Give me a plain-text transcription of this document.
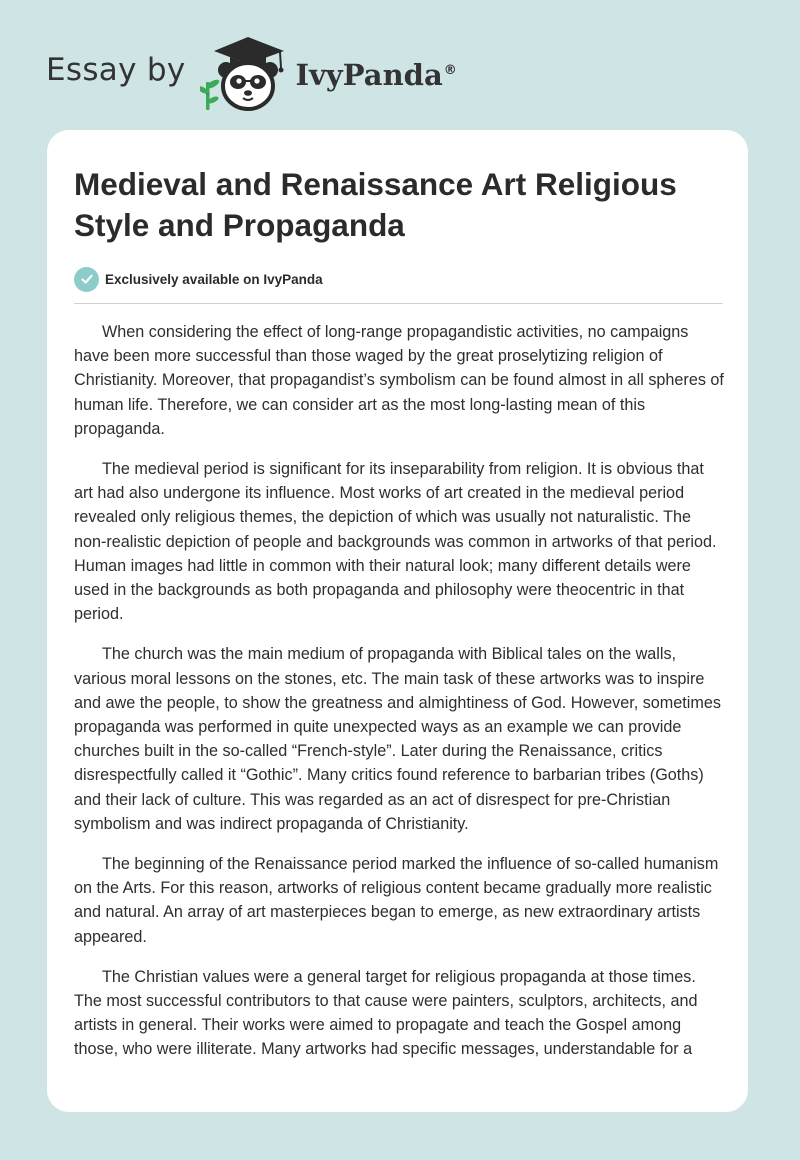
Essay by	IvyPanda®
Medieval and Renaissance Art Religious Style and Propaganda
Exclusively available on IvyPanda

When considering the effect of long-range propagandistic activities, no campaigns have been more successful than those waged by the great proselytizing religion of Christianity. Moreover, that propagandist’s symbolism can be found almost in all spheres of human life. Therefore, we can consider art as the most long-lasting mean of this propaganda.

The medieval period is significant for its inseparability from religion. It is obvious that art had also undergone its influence. Most works of art created in the medieval period revealed only religious themes, the depiction of which was usually not naturalistic. The non-realistic depiction of people and backgrounds was common in artworks of that period. Human images had little in common with their natural look; many different details were used in the backgrounds as both propaganda and philosophy were theocentric in that period.

The church was the main medium of propaganda with Biblical tales on the walls, various moral lessons on the stones, etc. The main task of these artworks was to inspire and awe the people, to show the greatness and almightiness of God. However, sometimes propaganda was performed in quite unexpected ways as an example we can provide churches built in the so-called “French-style”. Later during the Renaissance, critics disrespectfully called it “Gothic”. Many critics found reference to barbarian tribes (Goths) and their lack of culture. This was regarded as an act of disrespect for pre-Christian symbolism and was indirect propaganda of Christianity.

The beginning of the Renaissance period marked the influence of so-called humanism on the Arts. For this reason, artworks of religious content became gradually more realistic and natural. An array of art masterpieces began to emerge, as new extraordinary artists appeared.

The Christian values were a general target for religious propaganda at those times. The most successful contributors to that cause were painters, sculptors, architects, and artists in general. Their works were aimed to propagate and teach the Gospel among those, who were illiterate. Many artworks had specific messages, understandable for a
